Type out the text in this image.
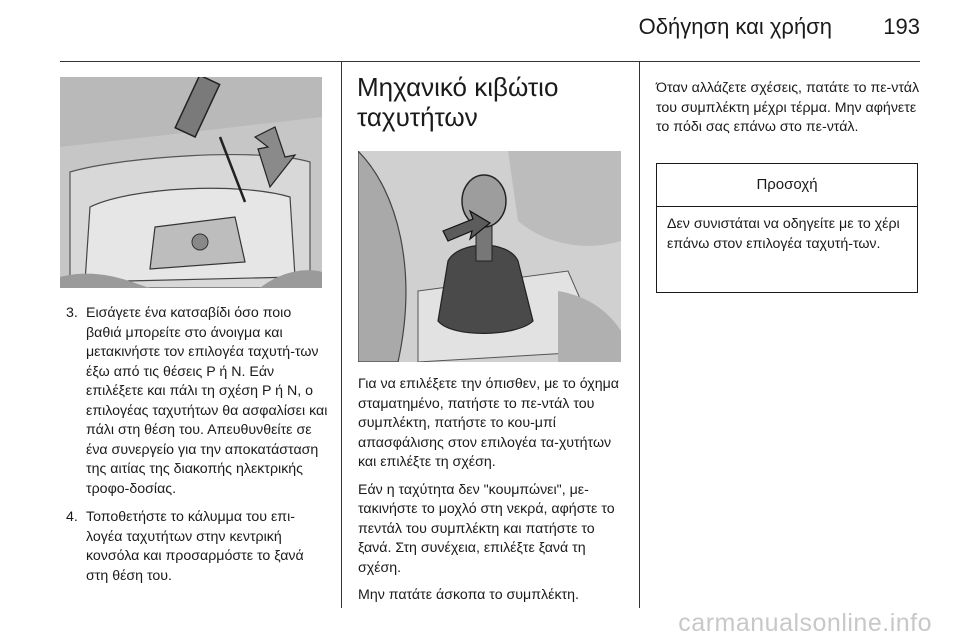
Οδήγηση και χρήση 193
3. Εισάγετε ένα κατσαβίδι όσο ποιο βαθιά μπορείτε στο άνοιγμα και μετακινήστε τον επιλογέα ταχυτή-των έξω από τις θέσεις P ή N. Εάν επιλέξετε και πάλι τη σχέση P ή N, ο επιλογέας ταχυτήτων θα ασφαλίσει και πάλι στη θέση του. Απευθυνθείτε σε ένα συνεργείο για την αποκατάσταση της αιτίας της διακοπής ηλεκτρικής τροφο-δοσίας.
4. Τοποθετήστε το κάλυμμα του επι-λογέα ταχυτήτων στην κεντρική κονσόλα και προσαρμόστε το ξανά στη θέση του.
Μηχανικό κιβώτιο ταχυτήτων

Για να επιλέξετε την όπισθεν, με το όχημα σταματημένο, πατήστε το πε-ντάλ του συμπλέκτη, πατήστε το κου-μπί απασφάλισης στον επιλογέα τα-χυτήτων και επιλέξτε τη σχέση.

Εάν η ταχύτητα δεν "κουμπώνει", με-τακινήστε το μοχλό στη νεκρά, αφήστε το πεντάλ του συμπλέκτη και πατήστε το ξανά. Στη συνέχεια, επιλέξτε ξανά τη σχέση.

Μην πατάτε άσκοπα το συμπλέκτη.

Όταν αλλάζετε σχέσεις, πατάτε το πε-ντάλ του συμπλέκτη μέχρι τέρμα. Μην αφήνετε το πόδι σας επάνω στο πε-ντάλ.

Προσοχή
Δεν συνιστάται να οδηγείτε με το χέρι επάνω στον επιλογέα ταχυτή-των.
carmanualsonline.info
